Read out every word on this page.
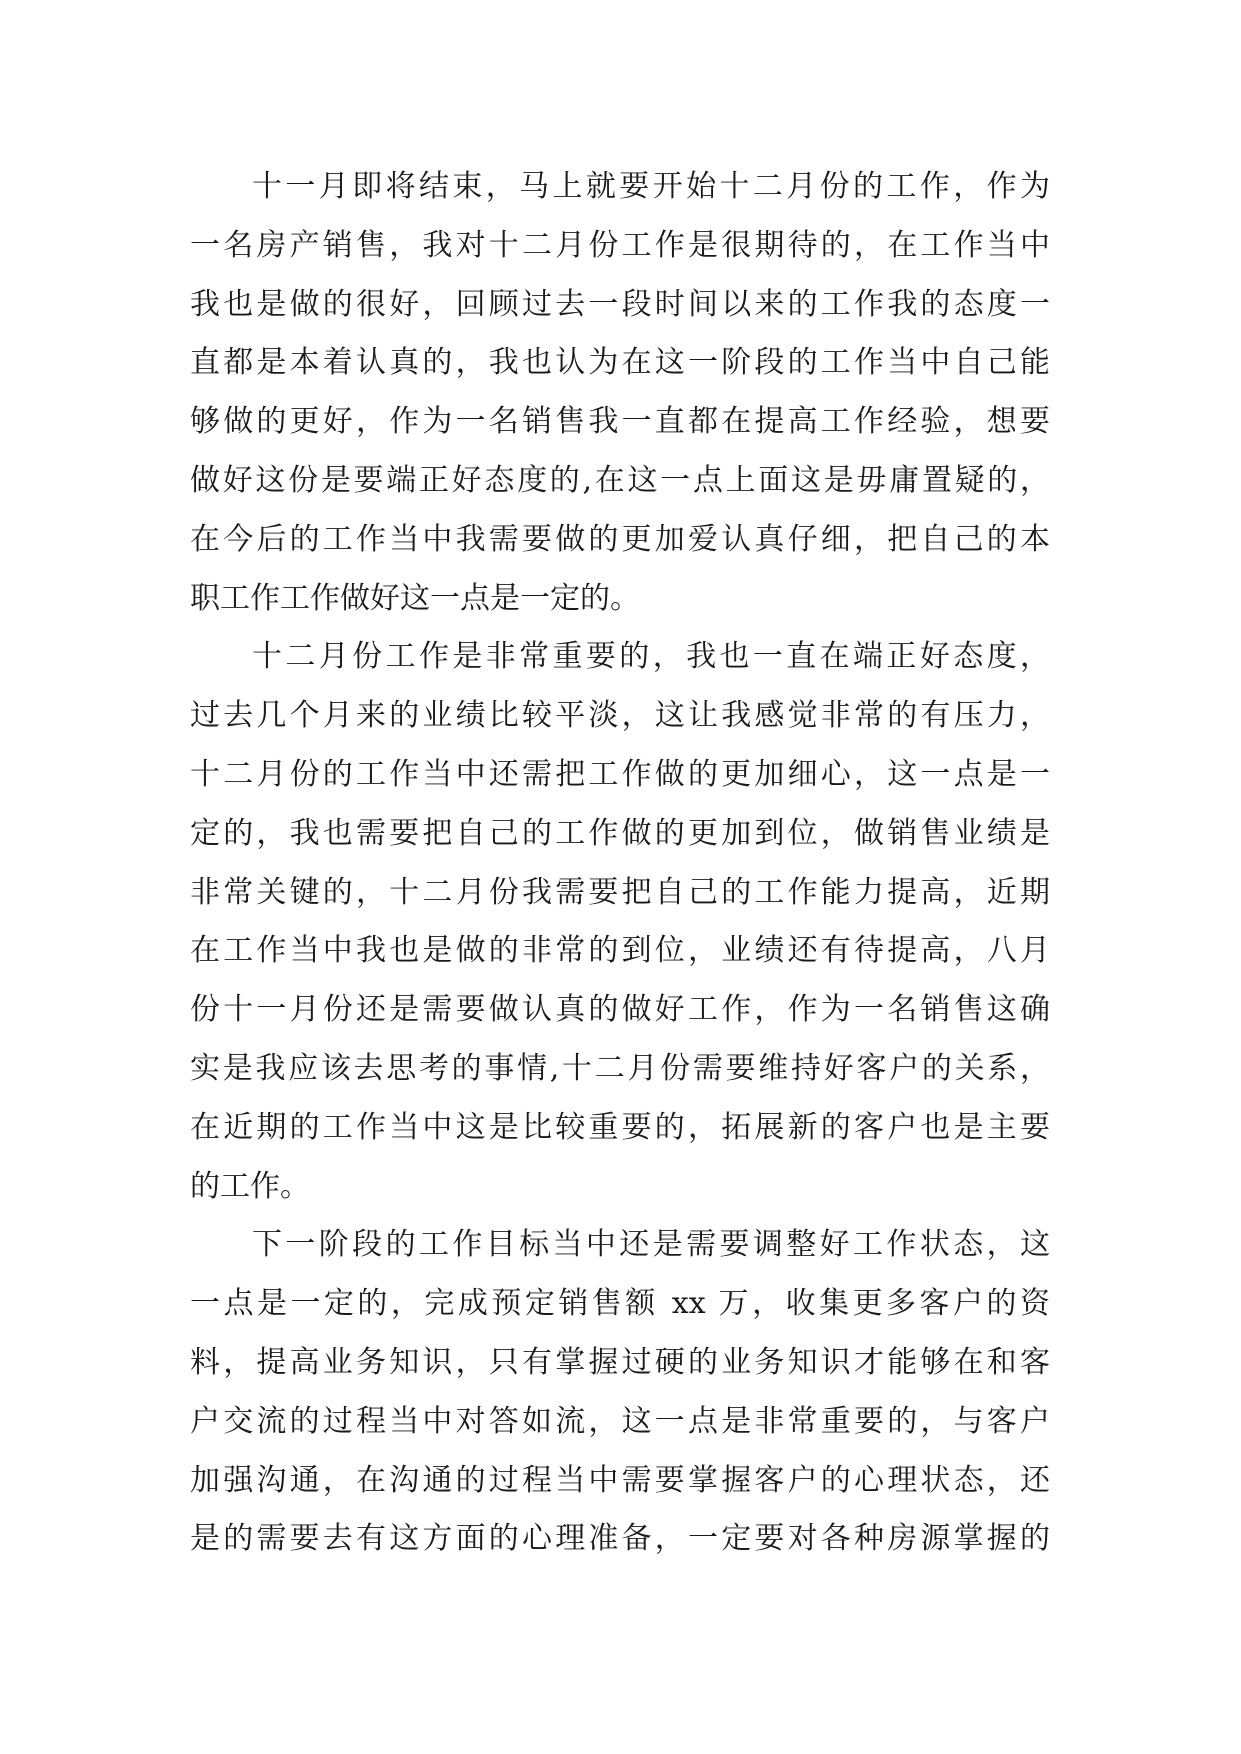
十一月即将结束，马上就要开始十二月份的工作，作为
一名房产销售，我对十二月份工作是很期待的，在工作当中
我也是做的很好，回顾过去一段时间以来的工作我的态度一
直都是本着认真的，我也认为在这一阶段的工作当中自己能
够做的更好，作为一名销售我一直都在提高工作经验，想要
做好这份是要端正好态度的,在这一点上面这是毋庸置疑的，
在今后的工作当中我需要做的更加爱认真仔细，把自己的本
职工作工作做好这一点是一定的。
十二月份工作是非常重要的，我也一直在端正好态度，
过去几个月来的业绩比较平淡，这让我感觉非常的有压力，
十二月份的工作当中还需把工作做的更加细心，这一点是一
定的，我也需要把自己的工作做的更加到位，做销售业绩是
非常关键的，十二月份我需要把自己的工作能力提高，近期
在工作当中我也是做的非常的到位，业绩还有待提高，八月
份十一月份还是需要做认真的做好工作，作为一名销售这确
实是我应该去思考的事情,十二月份需要维持好客户的关系，
在近期的工作当中这是比较重要的，拓展新的客户也是主要
的工作。
下一阶段的工作目标当中还是需要调整好工作状态，这
一点是一定的，完成预定销售额 xx 万，收集更多客户的资
料，提高业务知识，只有掌握过硬的业务知识才能够在和客
户交流的过程当中对答如流，这一点是非常重要的，与客户
加强沟通，在沟通的过程当中需要掌握客户的心理状态，还
是的需要去有这方面的心理准备，一定要对各种房源掌握的
